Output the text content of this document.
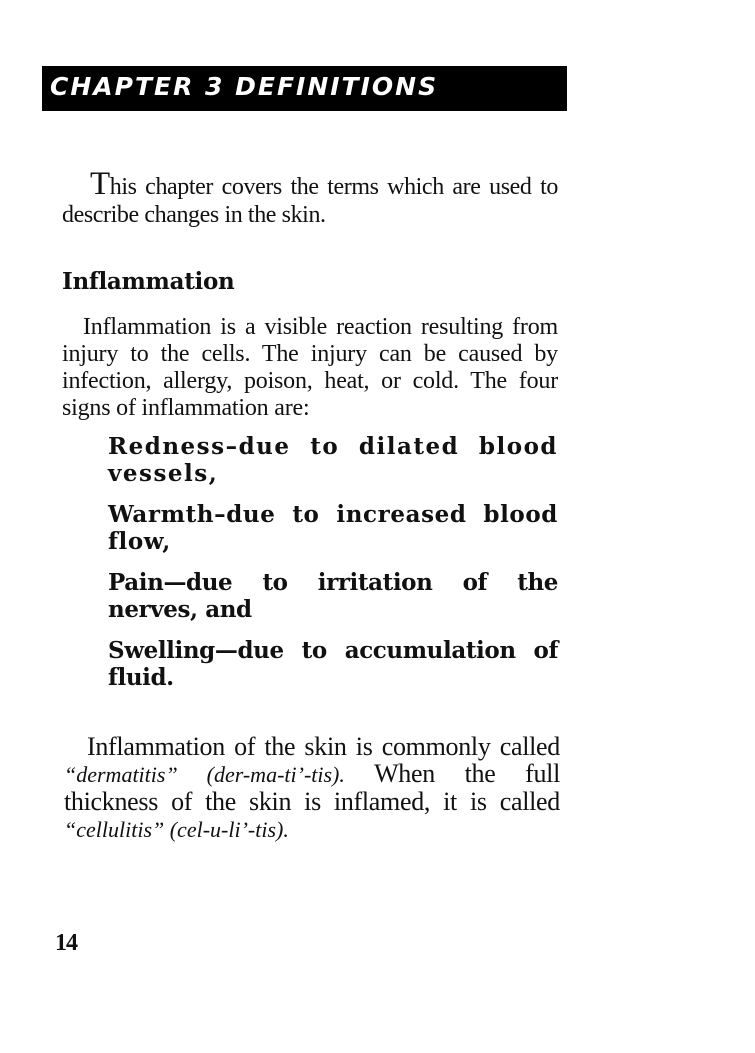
CHAPTER 3 DEFINITIONS

This chapter covers the terms which are used to describe changes in the skin.

Inflammation

Inflammation is a visible reaction resulting from injury to the cells. The injury can be caused by infection, allergy, poison, heat, or cold. The four signs of inflammation are:

Redness–due to dilated blood vessels,
Warmth–due to increased blood flow,
Pain—due to irritation of the nerves, and
Swelling—due to accumulation of fluid.

Inflammation of the skin is commonly called “dermatitis” (der-ma-ti’-tis). When the full thickness of the skin is inflamed, it is called “cellulitis” (cel-u-li’-tis).

14
